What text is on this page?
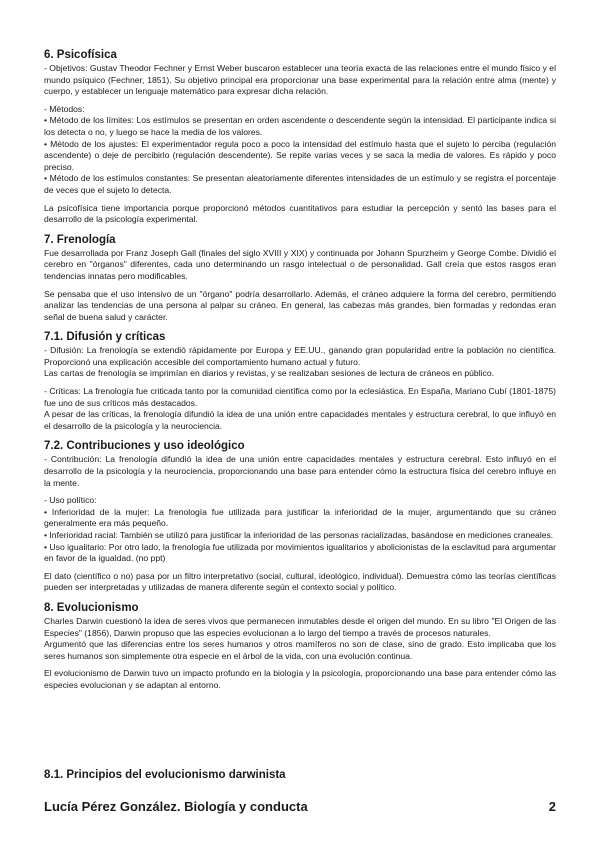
6. Psicofísica

- Objetivos: Gustav Theodor Fechner y Ernst Weber buscaron establecer una teoría exacta de las relaciones entre el mundo físico y el mundo psíquico (Fechner, 1851). Su objetivo principal era proporcionar una base experimental para la relación entre alma (mente) y cuerpo, y establecer un lenguaje matemático para expresar dicha relación.

- Métodos:

• Método de los límites: Los estímulos se presentan en orden ascendente o descendente según la intensidad. El participante indica si los detecta o no, y luego se hace la media de los valores.

• Método de los ajustes: El experimentador regula poco a poco la intensidad del estímulo hasta que el sujeto lo perciba (regulación ascendente) o deje de percibirlo (regulación descendente). Se repite varias veces y se saca la media de valores. Es rápido y poco preciso.

• Método de los estímulos constantes: Se presentan aleatoriamente diferentes intensidades de un estímulo y se registra el porcentaje de veces que el sujeto lo detecta.

La psicofísica tiene importancia porque proporcionó métodos cuantitativos para estudiar la percepción y sentó las bases para el desarrollo de la psicología experimental.

7. Frenología

Fue desarrollada por Franz Joseph Gall (finales del siglo XVIII y XIX) y continuada por Johann Spurzheim y George Combe. Dividió el cerebro en "órganos" diferentes, cada uno determinando un rasgo intelectual o de personalidad. Gall creía que estos rasgos eran tendencias innatas pero modificables.

Se pensaba que el uso intensivo de un "órgano" podría desarrollarlo. Además, el cráneo adquiere la forma del cerebro, permitiendo analizar las tendencias de una persona al palpar su cráneo. En general, las cabezas más grandes, bien formadas y redondas eran señal de buena salud y carácter.

7.1. Difusión y críticas

- Difusión: La frenología se extendió rápidamente por Europa y EE.UU., ganando gran popularidad entre la población no científica. Proporcionó una explicación accesible del comportamiento humano actual y futuro.

Las cartas de frenología se imprimían en diarios y revistas, y se realizaban sesiones de lectura de cráneos en público.

- Críticas: La frenología fue criticada tanto por la comunidad científica como por la eclesiástica. En España, Mariano Cubí (1801-1875) fue uno de sus críticos más destacados.

A pesar de las críticas, la frenología difundió la idea de una unión entre capacidades mentales y estructura cerebral, lo que influyó en el desarrollo de la psicología y la neurociencia.

7.2. Contribuciones y uso ideológico

- Contribución: La frenología difundió la idea de una unión entre capacidades mentales y estructura cerebral. Esto influyó en el desarrollo de la psicología y la neurociencia, proporcionando una base para entender cómo la estructura física del cerebro influye en la mente.

- Uso político:

• Inferioridad de la mujer: La frenología fue utilizada para justificar la inferioridad de la mujer, argumentando que su cráneo generalmente era más pequeño.

• Inferioridad racial: También se utilizó para justificar la inferioridad de las personas racializadas, basándose en mediciones craneales.

• Uso igualitario: Por otro lado, la frenología fue utilizada por movimientos igualitarios y abolicionistas de la esclavitud para argumentar en favor de la igualdad. (no ppt)

El dato (científico o no) pasa por un filtro interpretativo (social, cultural, ideológico, individual). Demuestra cómo las teorías científicas pueden ser interpretadas y utilizadas de manera diferente según el contexto social y político.

8. Evolucionismo

Charles Darwin cuestionó la idea de seres vivos que permanecen inmutables desde el origen del mundo. En su libro "El Origen de las Especies" (1856), Darwin propuso que las especies evolucionan a lo largo del tiempo a través de procesos naturales.

Argumentó que las diferencias entre los seres humanos y otros mamíferos no son de clase, sino de grado. Esto implicaba que los seres humanos son simplemente otra especie en el árbol de la vida, con una evolución continua.

El evolucionismo de Darwin tuvo un impacto profundo en la biología y la psicología, proporcionando una base para entender cómo las especies evolucionan y se adaptan al entorno.

8.1. Principios del evolucionismo darwinista
Lucía Pérez González. Biología y conducta	2
